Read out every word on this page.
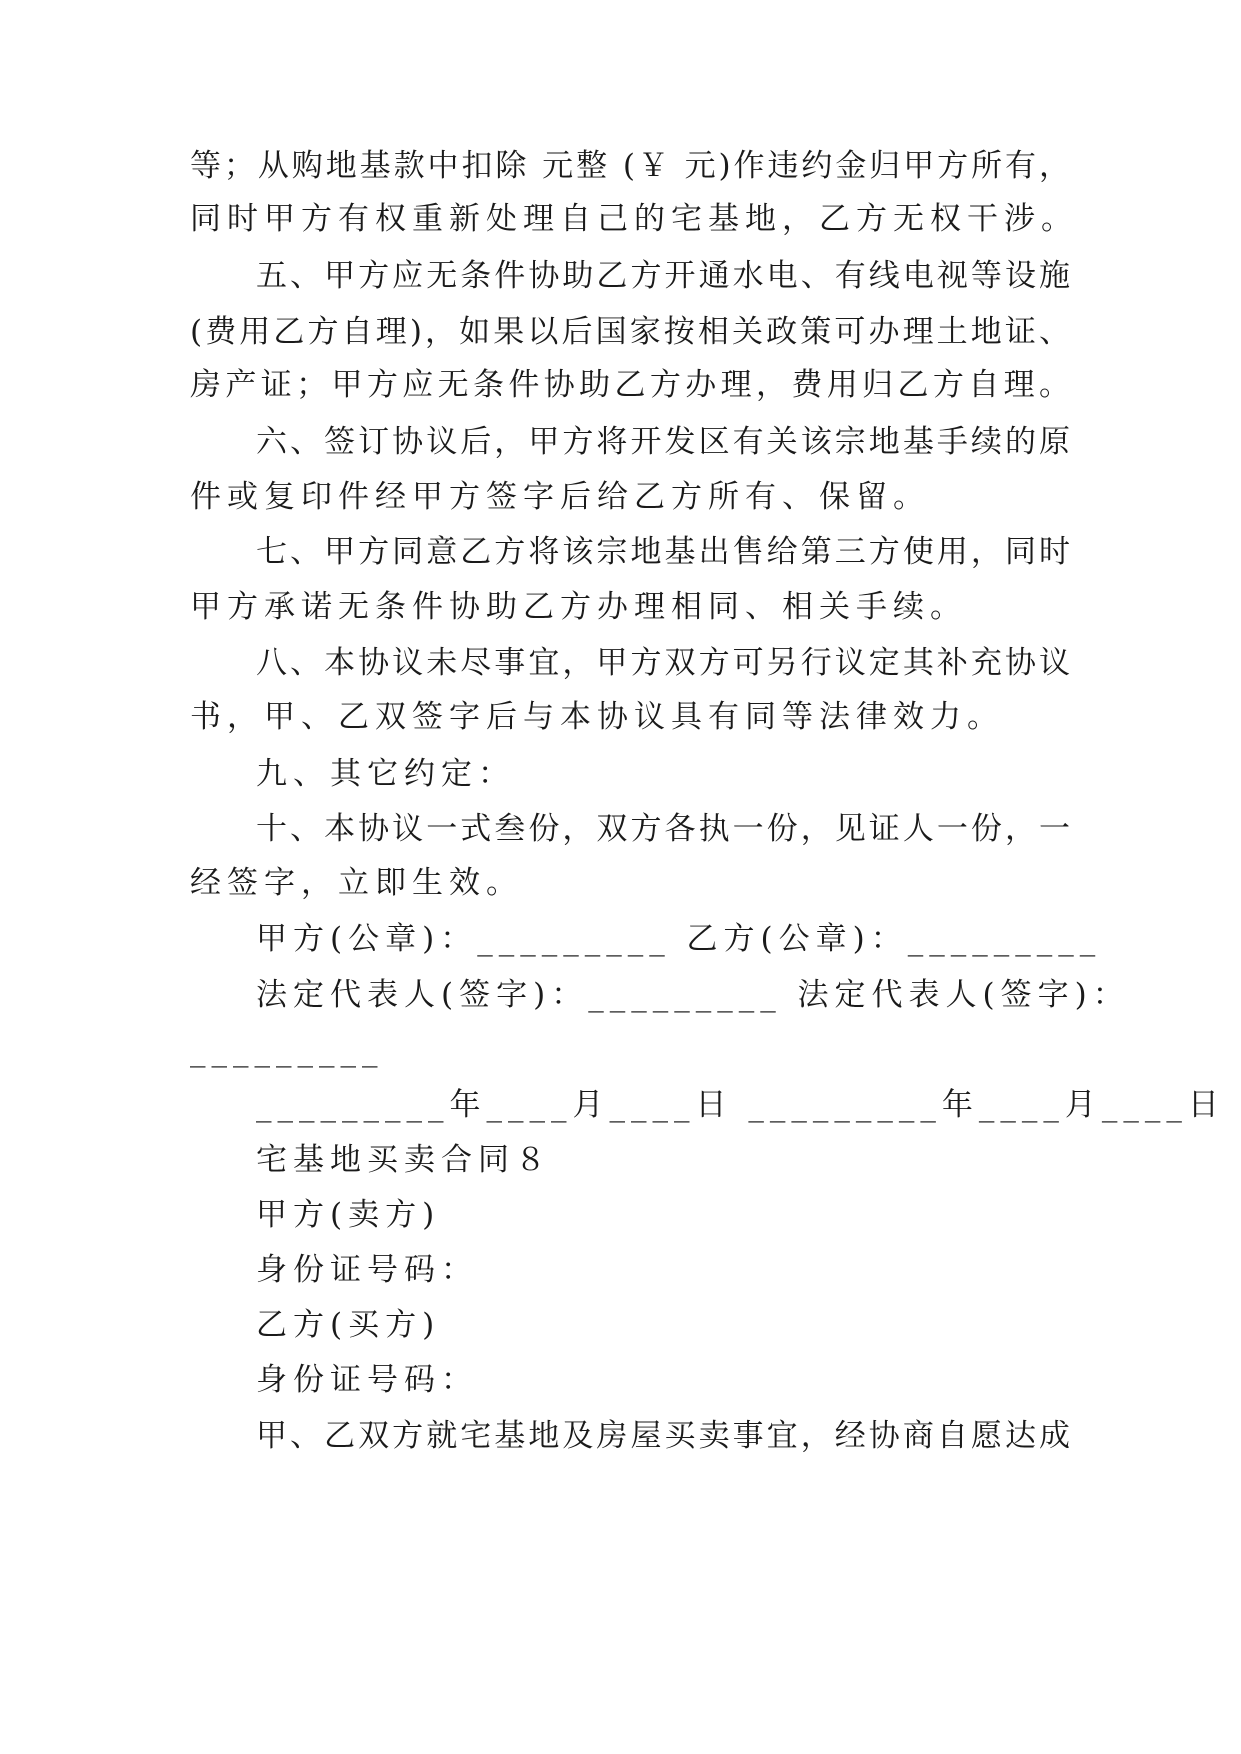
等；从购地基款中扣除 元整 (￥ 元)作违约金归甲方所有，
同时甲方有权重新处理自己的宅基地，乙方无权干涉。
五、甲方应无条件协助乙方开通水电、有线电视等设施
(费用乙方自理)，如果以后国家按相关政策可办理土地证、
房产证；甲方应无条件协助乙方办理，费用归乙方自理。
六、签订协议后，甲方将开发区有关该宗地基手续的原
件或复印件经甲方签字后给乙方所有、保留。
七、甲方同意乙方将该宗地基出售给第三方使用，同时
甲方承诺无条件协助乙方办理相同、相关手续。
八、本协议未尽事宜，甲方双方可另行议定其补充协议
书，甲、乙双签字后与本协议具有同等法律效力。
九、其它约定：
十、本协议一式叁份，双方各执一份，见证人一份，一
经签字，立即生效。
甲方(公章)：_________ 乙方(公章)：_________
法定代表人(签字)：_________ 法定代表人(签字)：
_________
_________年____月____日 _________年____月____日
宅基地买卖合同８
甲方(卖方)
身份证号码：
乙方(买方)
身份证号码：
甲、乙双方就宅基地及房屋买卖事宜，经协商自愿达成
